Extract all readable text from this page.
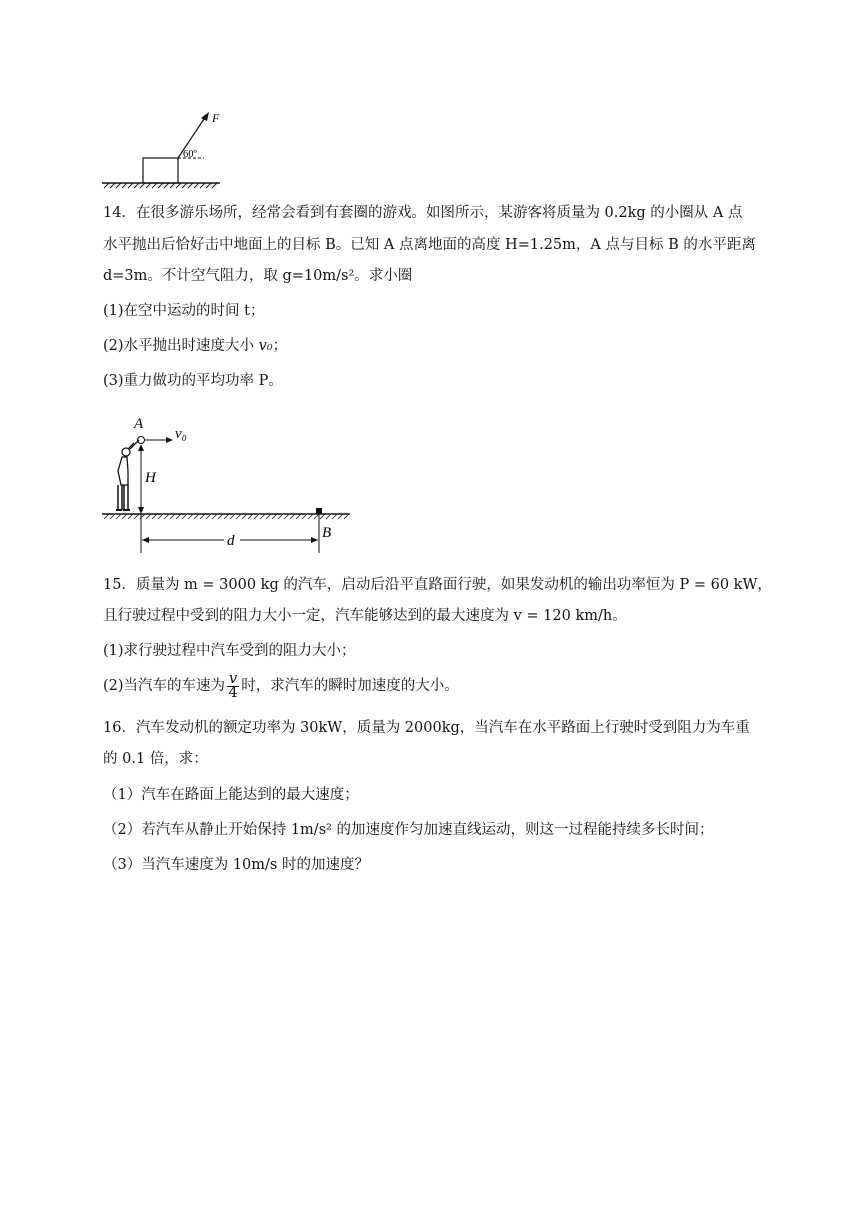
F
60º
14．在很多游乐场所，经常会看到有套圈的游戏。如图所示，某游客将质量为 0.2kg 的小圈从 A 点
水平抛出后恰好击中地面上的目标 B。已知 A 点离地面的高度 H=1.25m，A 点与目标 B 的水平距离
d=3m。不计空气阻力，取 g=10m/s²。求小圈
(1)在空中运动的时间 t；
(2)水平抛出时速度大小 v₀；
(3)重力做功的平均功率 P。
A
v₀
H
d	B
15．质量为 m = 3000 kg 的汽车，启动后沿平直路面行驶，如果发动机的输出功率恒为 P = 60 kW，
且行驶过程中受到的阻力大小一定，汽车能够达到的最大速度为 v = 120 km/h。
(1)求行驶过程中汽车受到的阻力大小；
(2)当汽车的车速为 $\frac{v}{4}$ 时，求汽车的瞬时加速度的大小。
16．汽车发动机的额定功率为 30kW，质量为 2000kg，当汽车在水平路面上行驶时受到阻力为车重
的 0.1 倍，求：
（1）汽车在路面上能达到的最大速度；
（2）若汽车从静止开始保持 1m/s² 的加速度作匀加速直线运动，则这一过程能持续多长时间；
（3）当汽车速度为 10m/s 时的加速度？
